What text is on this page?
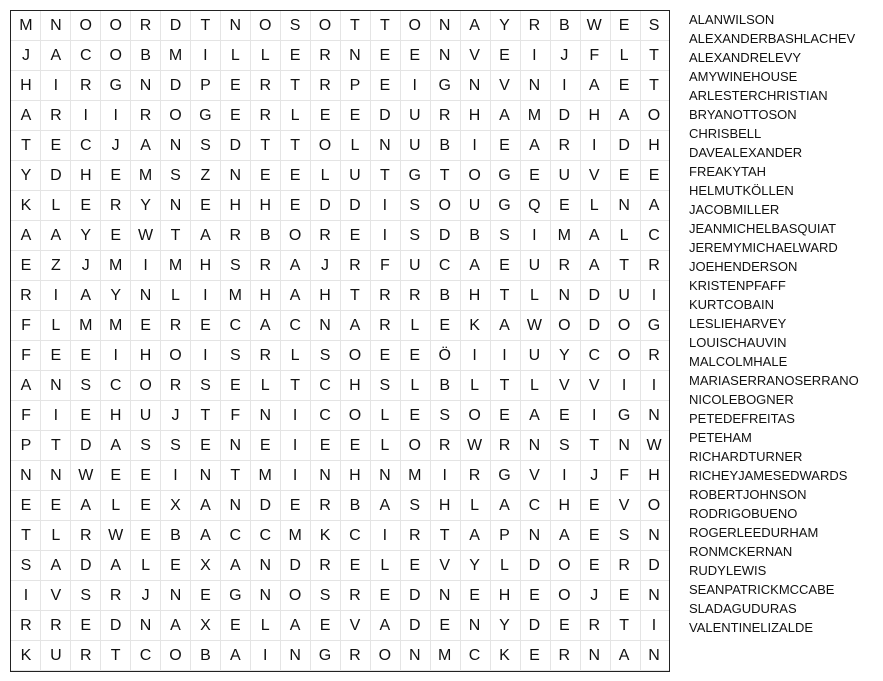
M	N	O	O	R	D	T	N	O	S	O	T	T	O	N	A	Y	R	B	W	E	S
J	A	C	O	B	M	I	L	L	E	R	N	E	E	N	V	E	I	J	F	L	T
H	I	R	G	N	D	P	E	R	T	R	P	E	I	G	N	V	N	I	A	E	T
A	R	I	I	R	O	G	E	R	L	E	E	D	U	R	H	A	M	D	H	A	O
T	E	C	J	A	N	S	D	T	T	O	L	N	U	B	I	E	A	R	I	D	H
Y	D	H	E	M	S	Z	N	E	E	L	U	T	G	T	O	G	E	U	V	E	E
K	L	E	R	Y	N	E	H	H	E	D	D	I	S	O	U	G	Q	E	L	N	A
A	A	Y	E	W	T	A	R	B	O	R	E	I	S	D	B	S	I	M	A	L	C
E	Z	J	M	I	M	H	S	R	A	J	R	F	U	C	A	E	U	R	A	T	R
R	I	A	Y	N	L	I	M	H	A	H	T	R	R	B	H	T	L	N	D	U	I
F	L	M	M	E	R	E	C	A	C	N	A	R	L	E	K	A	W	O	D	O	G
F	E	E	I	H	O	I	S	R	L	S	O	E	E	Ö	I	I	U	Y	C	O	R
A	N	S	C	O	R	S	E	L	T	C	H	S	L	B	L	T	L	V	V	I	I
F	I	E	H	U	J	T	F	N	I	C	O	L	E	S	O	E	A	E	I	G	N
P	T	D	A	S	S	E	N	E	I	E	E	L	O	R	W	R	N	S	T	N	W
N	N	W	E	E	I	N	T	M	I	N	H	N	M	I	R	G	V	I	J	F	H
E	E	A	L	E	X	A	N	D	E	R	B	A	S	H	L	A	C	H	E	V	O
T	L	R	W	E	B	A	C	C	M	K	C	I	R	T	A	P	N	A	E	S	N
S	A	D	A	L	E	X	A	N	D	R	E	L	E	V	Y	L	D	O	E	R	D
I	V	S	R	J	N	E	G	N	O	S	R	E	D	N	E	H	E	O	J	E	N
R	R	E	D	N	A	X	E	L	A	E	V	A	D	E	N	Y	D	E	R	T	I
K	U	R	T	C	O	B	A	I	N	G	R	O	N	M	C	K	E	R	N	A	N
ALANWILSON
ALEXANDERBASHLACHEV
ALEXANDRELEVY
AMYWINEHOUSE
ARLESTERCHRISTIAN
BRYANOTTOSON
CHRISBELL
DAVEALEXANDER
FREAKYTAH
HELMUTKÖLLEN
JACOBMILLER
JEANMICHELBASQUIAT
JEREMYMICHAELWARD
JOEHENDERSON
KRISTENPFAFF
KURTCOBAIN
LESLIEHARVEY
LOUISCHAUVIN
MALCOLMHALE
MARIASERRANOSERRANO
NICOLEBOGNER
PETEDEFREITAS
PETEHAM
RICHARDTURNER
RICHEYJAMESEDWARDS
ROBERTJOHNSON
RODRIGOBUENO
ROGERLEEDURHAM
RONMCKERNAN
RUDYLEWIS
SEANPATRICKMCCABE
SLADAGUDURAS
VALENTINELIZALDE
